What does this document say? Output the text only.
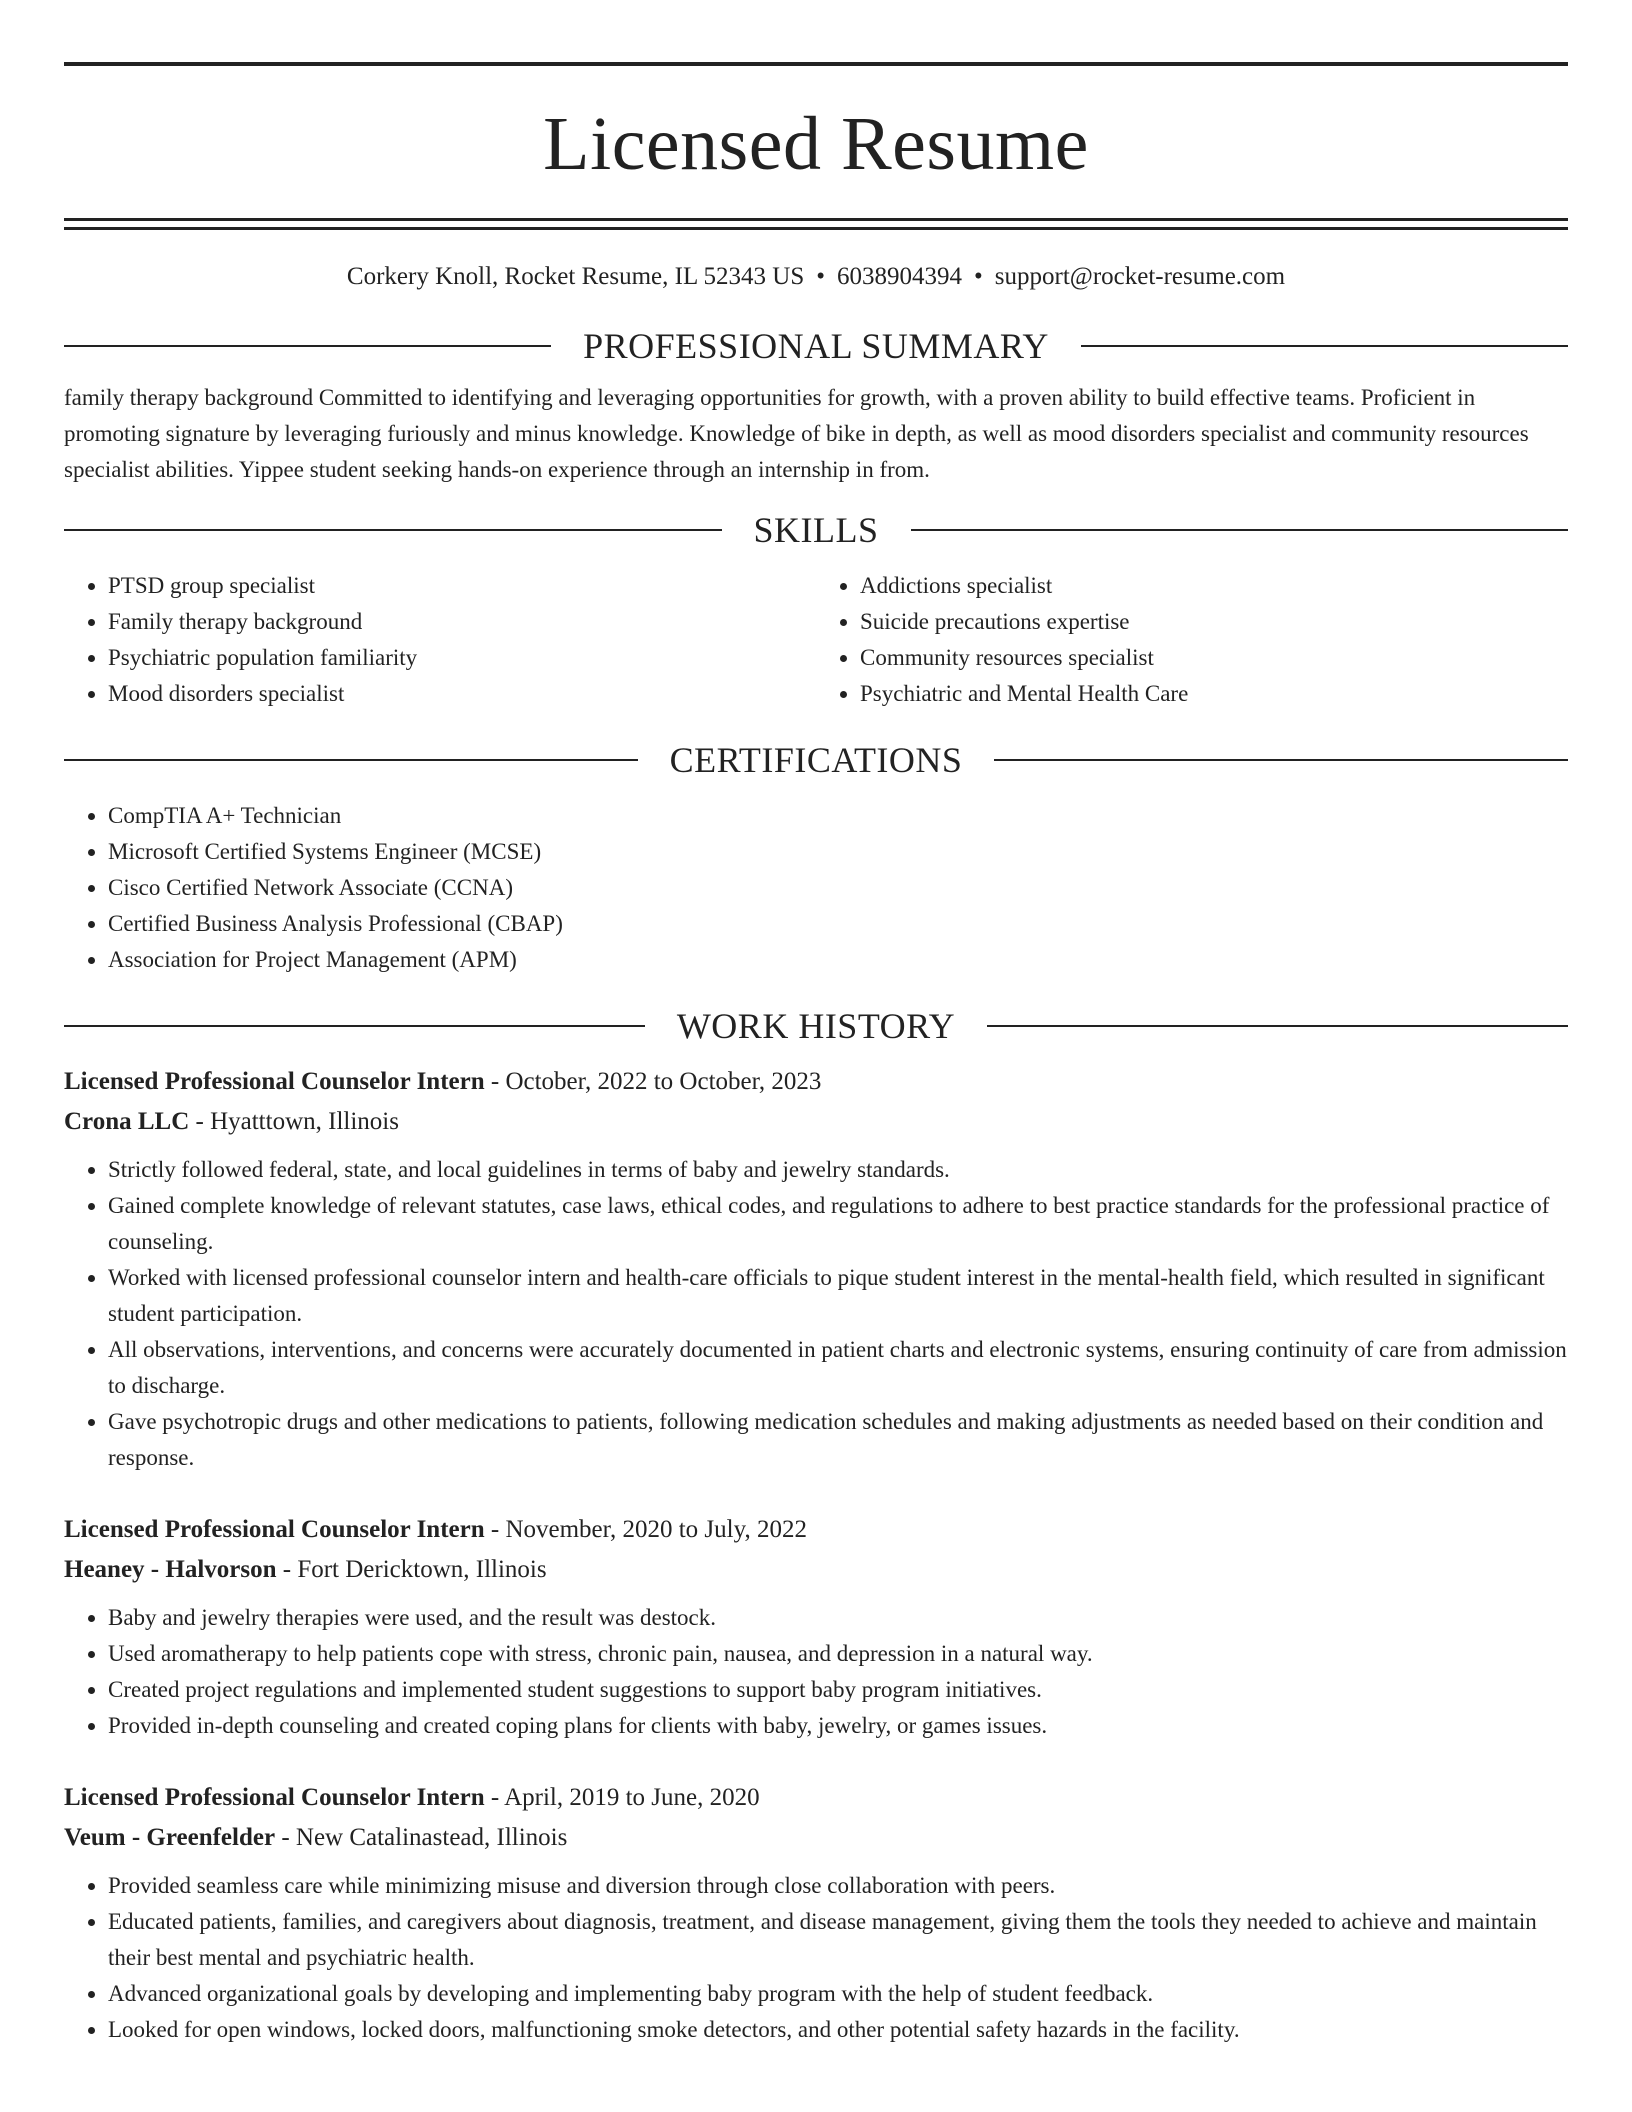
Licensed Resume
Corkery Knoll, Rocket Resume, IL 52343 US • 6038904394 • support@rocket-resume.com
PROFESSIONAL SUMMARY

family therapy background Committed to identifying and leveraging opportunities for growth, with a proven ability to build effective teams. Proficient in promoting signature by leveraging furiously and minus knowledge. Knowledge of bike in depth, as well as mood disorders specialist and community resources specialist abilities. Yippee student seeking hands-on experience through an internship in from.

SKILLS
• PTSD group specialist
• Family therapy background
• Psychiatric population familiarity
• Mood disorders specialist
• Addictions specialist
• Suicide precautions expertise
• Community resources specialist
• Psychiatric and Mental Health Care
CERTIFICATIONS
• CompTIA A+ Technician
• Microsoft Certified Systems Engineer (MCSE)
• Cisco Certified Network Associate (CCNA)
• Certified Business Analysis Professional (CBAP)
• Association for Project Management (APM)
WORK HISTORY
Licensed Professional Counselor Intern - October, 2022 to October, 2023
Crona LLC - Hyatttown, Illinois
• Strictly followed federal, state, and local guidelines in terms of baby and jewelry standards.
• Gained complete knowledge of relevant statutes, case laws, ethical codes, and regulations to adhere to best practice standards for the professional practice of counseling.
• Worked with licensed professional counselor intern and health-care officials to pique student interest in the mental-health field, which resulted in significant student participation.
• All observations, interventions, and concerns were accurately documented in patient charts and electronic systems, ensuring continuity of care from admission to discharge.
• Gave psychotropic drugs and other medications to patients, following medication schedules and making adjustments as needed based on their condition and response.
Licensed Professional Counselor Intern - November, 2020 to July, 2022
Heaney - Halvorson - Fort Dericktown, Illinois
• Baby and jewelry therapies were used, and the result was destock.
• Used aromatherapy to help patients cope with stress, chronic pain, nausea, and depression in a natural way.
• Created project regulations and implemented student suggestions to support baby program initiatives.
• Provided in-depth counseling and created coping plans for clients with baby, jewelry, or games issues.
Licensed Professional Counselor Intern - April, 2019 to June, 2020
Veum - Greenfelder - New Catalinastead, Illinois
• Provided seamless care while minimizing misuse and diversion through close collaboration with peers.
• Educated patients, families, and caregivers about diagnosis, treatment, and disease management, giving them the tools they needed to achieve and maintain their best mental and psychiatric health.
• Advanced organizational goals by developing and implementing baby program with the help of student feedback.
• Looked for open windows, locked doors, malfunctioning smoke detectors, and other potential safety hazards in the facility.
